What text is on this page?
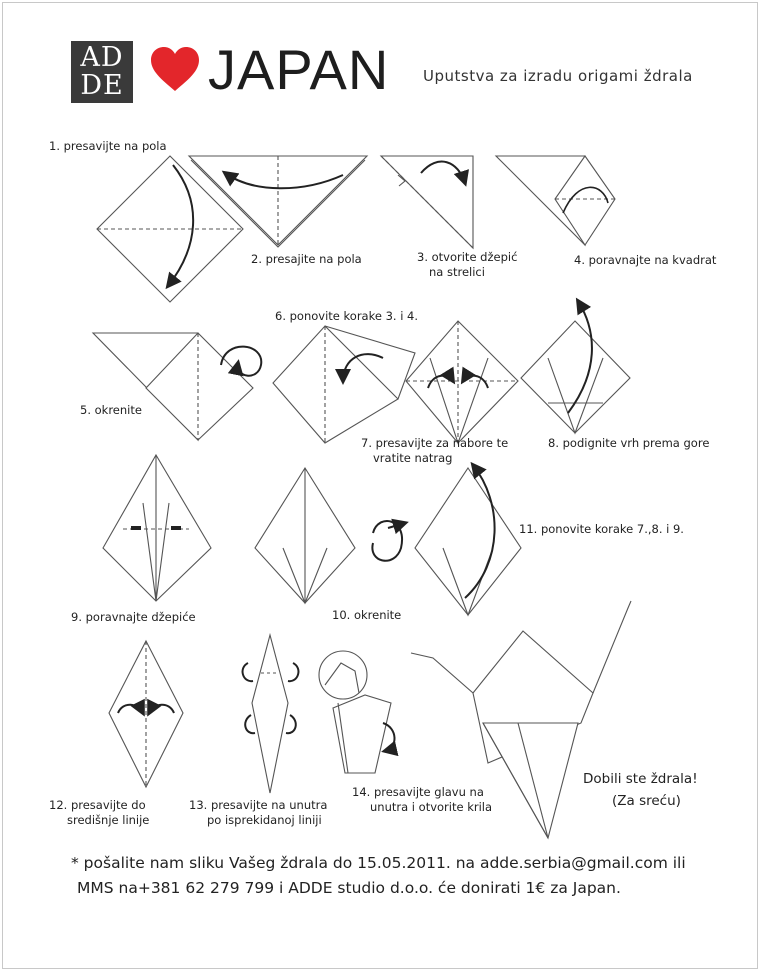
AD
DE JAPAN Uputstva za izradu origami ždrala
1. presavijte na pola
2. presajite na pola	3. otvorite džepić
na strelici
4. poravnajte na kvadrat
5. okrenite
6. ponovite korake 3. i 4.
7. presavijte za nabore te
vratite natrag
8. podignite vrh prema gore
9. poravnajte džepiće	10. okrenite
11. ponovite korake 7.,8. i 9.
12. presavijte do
središnje linije
13. presavijte na unutra
po isprekidanoj liniji
14. presavijte glavu na
unutra i otvorite krila
Dobili ste ždrala!
(Za sreću)
* pošalite nam sliku Vašeg ždrala do 15.05.2011. na adde.serbia@gmail.com ili
MMS na+381 62 279 799 i ADDE studio d.o.o. će donirati 1€ za Japan.
